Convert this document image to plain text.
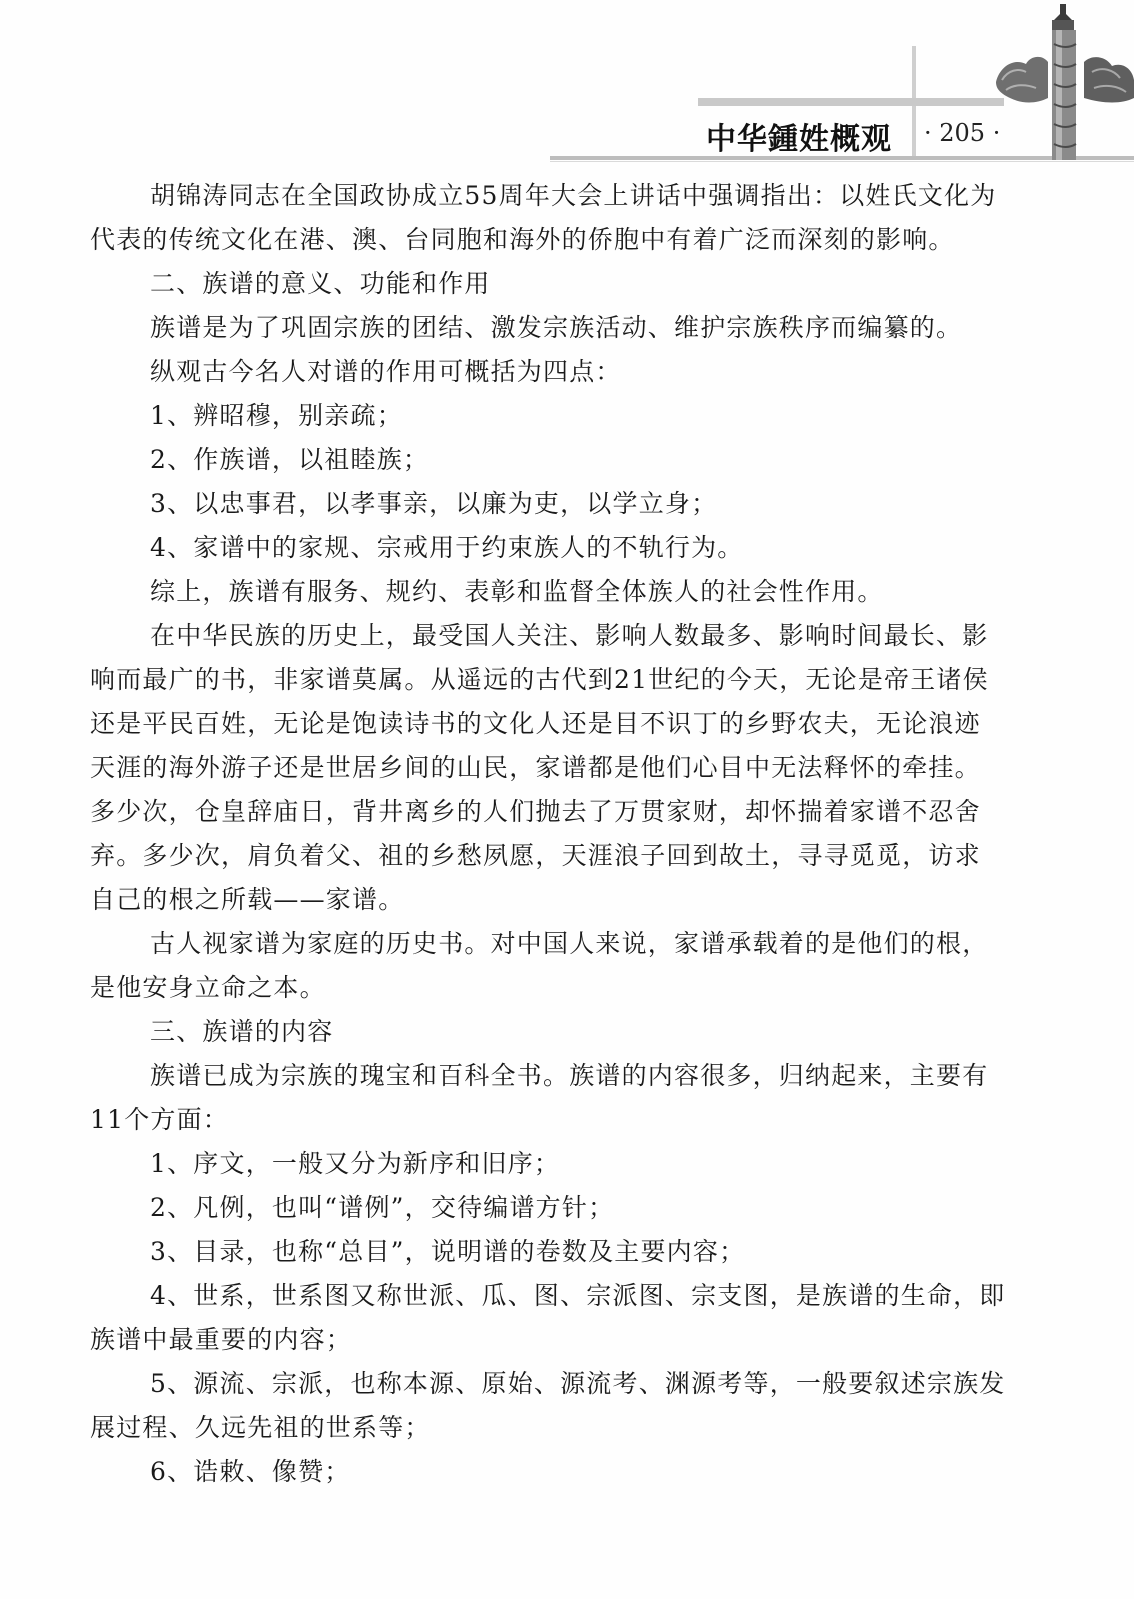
中华鍾姓概观 · 205 ·
胡锦涛同志在全国政协成立55周年大会上讲话中强调指出：以姓氏文化为
代表的传统文化在港、澳、台同胞和海外的侨胞中有着广泛而深刻的影响。
二、族谱的意义、功能和作用
族谱是为了巩固宗族的团结、激发宗族活动、维护宗族秩序而编纂的。
纵观古今名人对谱的作用可概括为四点：
1、辨昭穆，别亲疏；
2、作族谱，以祖睦族；
3、以忠事君，以孝事亲，以廉为吏，以学立身；
4、家谱中的家规、宗戒用于约束族人的不轨行为。
综上，族谱有服务、规约、表彰和监督全体族人的社会性作用。
在中华民族的历史上，最受国人关注、影响人数最多、影响时间最长、影
响而最广的书，非家谱莫属。从遥远的古代到21世纪的今天，无论是帝王诸侯
还是平民百姓，无论是饱读诗书的文化人还是目不识丁的乡野农夫，无论浪迹
天涯的海外游子还是世居乡间的山民，家谱都是他们心目中无法释怀的牵挂。
多少次，仓皇辞庙日，背井离乡的人们抛去了万贯家财，却怀揣着家谱不忍舍
弃。多少次，肩负着父、祖的乡愁夙愿，天涯浪子回到故土，寻寻觅觅，访求
自己的根之所载——家谱。
古人视家谱为家庭的历史书。对中国人来说，家谱承载着的是他们的根，
是他安身立命之本。
三、族谱的内容
族谱已成为宗族的瑰宝和百科全书。族谱的内容很多，归纳起来，主要有
11个方面：
1、序文，一般又分为新序和旧序；
2、凡例，也叫“谱例”，交待编谱方针；
3、目录，也称“总目”，说明谱的卷数及主要内容；
4、世系，世系图又称世派、瓜、图、宗派图、宗支图，是族谱的生命，即
族谱中最重要的内容；
5、源流、宗派，也称本源、原始、源流考、渊源考等，一般要叙述宗族发
展过程、久远先祖的世系等；
6、诰敕、像赞；
